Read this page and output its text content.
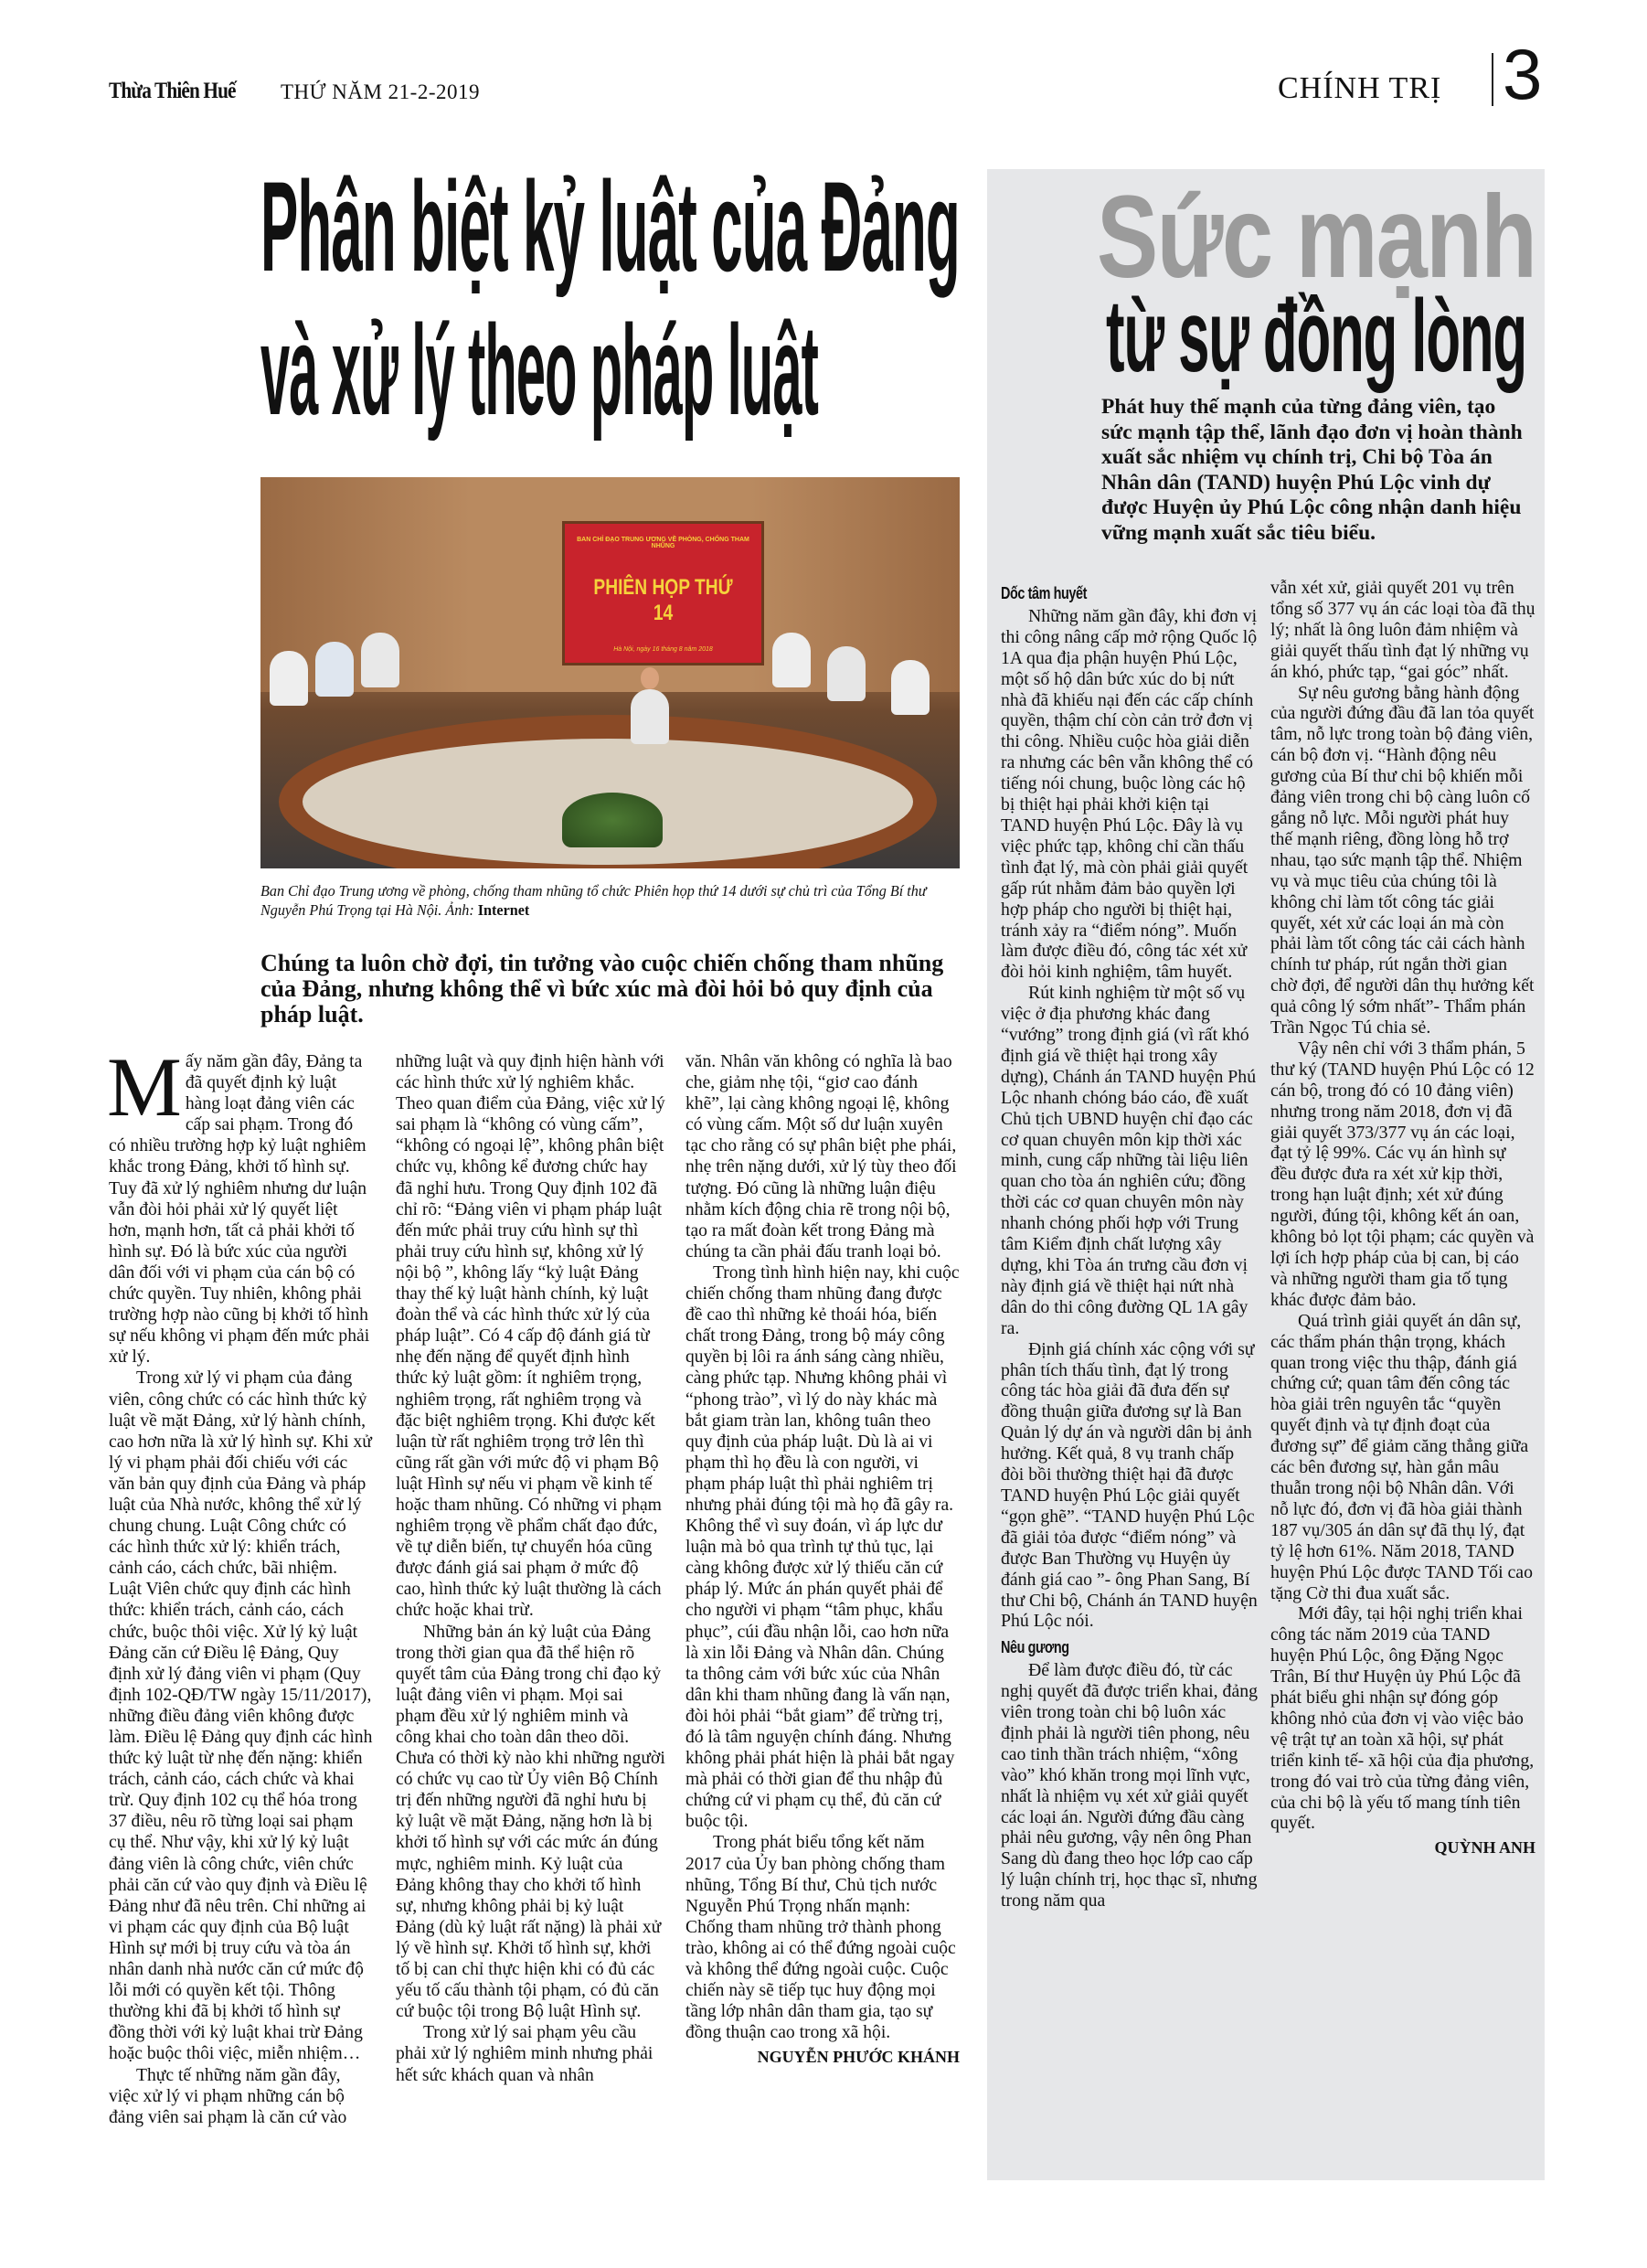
Thừa Thiên Huế THỨ NĂM 21-2-2019	CHÍNH TRỊ 3
Phân biệt kỷ luật của Đảng
và xử lý theo pháp luật
BAN CHỈ ĐẠO TRUNG ƯƠNG VỀ PHÒNG, CHỐNG THAM NHŨNG
PHIÊN HỌP THỨ 14
Hà Nội, ngày 16 tháng 8 năm 2018
Ban Chỉ đạo Trung ương về phòng, chống tham nhũng tổ chức Phiên họp thứ 14 dưới sự chủ trì của Tổng Bí thư Nguyễn Phú Trọng tại Hà Nội. Ảnh: Internet
Chúng ta luôn chờ đợi, tin tưởng vào cuộc chiến chống tham nhũng của Đảng, nhưng không thể vì bức xúc mà đòi hỏi bỏ quy định của pháp luật.

Mấy năm gần đây, Đảng ta đã quyết định kỷ luật hàng loạt đảng viên các cấp sai phạm. Trong đó có nhiều trường hợp kỷ luật nghiêm khắc trong Đảng, khởi tố hình sự. Tuy đã xử lý nghiêm nhưng dư luận vẫn đòi hỏi phải xử lý quyết liệt hơn, mạnh hơn, tất cả phải khởi tố hình sự. Đó là bức xúc của người dân đối với vi phạm của cán bộ có chức quyền. Tuy nhiên, không phải trường hợp nào cũng bị khởi tố hình sự nếu không vi phạm đến mức phải xử lý.

Trong xử lý vi phạm của đảng viên, công chức có các hình thức kỷ luật về mặt Đảng, xử lý hành chính, cao hơn nữa là xử lý hình sự. Khi xử lý vi phạm phải đối chiếu với các văn bản quy định của Đảng và pháp luật của Nhà nước, không thể xử lý chung chung. Luật Công chức có các hình thức xử lý: khiển trách, cảnh cáo, cách chức, bãi nhiệm. Luật Viên chức quy định các hình thức: khiển trách, cảnh cáo, cách chức, buộc thôi việc. Xử lý kỷ luật Đảng căn cứ Điều lệ Đảng, Quy định xử lý đảng viên vi phạm (Quy định 102-QĐ/TW ngày 15/11/2017), những điều đảng viên không được làm. Điều lệ Đảng quy định các hình thức kỷ luật từ nhẹ đến nặng: khiển trách, cảnh cáo, cách chức và khai trừ. Quy định 102 cụ thể hóa trong 37 điều, nêu rõ từng loại sai phạm cụ thể. Như vậy, khi xử lý kỷ luật đảng viên là công chức, viên chức phải căn cứ vào quy định và Điều lệ Đảng như đã nêu trên. Chỉ những ai vi phạm các quy định của Bộ luật Hình sự mới bị truy cứu và tòa án nhân danh nhà nước căn cứ mức độ lỗi mới có quyền kết tội. Thông thường khi đã bị khởi tố hình sự đồng thời với kỷ luật khai trừ Đảng hoặc buộc thôi việc, miễn nhiệm…

Thực tế những năm gần đây, việc xử lý vi phạm những cán bộ đảng viên sai phạm là căn cứ vào

những luật và quy định hiện hành với các hình thức xử lý nghiêm khắc. Theo quan điểm của Đảng, việc xử lý sai phạm là “không có vùng cấm”, “không có ngoại lệ”, không phân biệt chức vụ, không kể đương chức hay đã nghỉ hưu. Trong Quy định 102 đã chỉ rõ: “Đảng viên vi phạm pháp luật đến mức phải truy cứu hình sự thì phải truy cứu hình sự, không xử lý nội bộ ”, không lấy “kỷ luật Đảng thay thế kỷ luật hành chính, kỷ luật đoàn thể và các hình thức xử lý của pháp luật”. Có 4 cấp độ đánh giá từ nhẹ đến nặng để quyết định hình thức kỷ luật gồm: ít nghiêm trọng, nghiêm trọng, rất nghiêm trọng và đặc biệt nghiêm trọng. Khi được kết luận từ rất nghiêm trọng trở lên thì cũng rất gần với mức độ vi phạm Bộ luật Hình sự nếu vi phạm về kinh tế hoặc tham nhũng. Có những vi phạm nghiêm trọng về phẩm chất đạo đức, về tự diễn biến, tự chuyển hóa cũng được đánh giá sai phạm ở mức độ cao, hình thức kỷ luật thường là cách chức hoặc khai trừ.

Những bản án kỷ luật của Đảng trong thời gian qua đã thể hiện rõ quyết tâm của Đảng trong chỉ đạo kỷ luật đảng viên vi phạm. Mọi sai phạm đều xử lý nghiêm minh và công khai cho toàn dân theo dõi. Chưa có thời kỳ nào khi những người có chức vụ cao từ Ủy viên Bộ Chính trị đến những người đã nghỉ hưu bị kỷ luật về mặt Đảng, nặng hơn là bị khởi tố hình sự với các mức án đúng mực, nghiêm minh. Kỷ luật của Đảng không thay cho khởi tố hình sự, nhưng không phải bị kỷ luật Đảng (dù kỷ luật rất nặng) là phải xử lý về hình sự. Khởi tố hình sự, khởi tố bị can chỉ thực hiện khi có đủ các yếu tố cấu thành tội phạm, có đủ căn cứ buộc tội trong Bộ luật Hình sự.

Trong xử lý sai phạm yêu cầu phải xử lý nghiêm minh nhưng phải hết sức khách quan và nhân

văn. Nhân văn không có nghĩa là bao che, giảm nhẹ tội, “giơ cao đánh khẽ”, lại càng không ngoại lệ, không có vùng cấm. Một số dư luận xuyên tạc cho rằng có sự phân biệt phe phái, nhẹ trên nặng dưới, xử lý tùy theo đối tượng. Đó cũng là những luận điệu nhằm kích động chia rẽ trong nội bộ, tạo ra mất đoàn kết trong Đảng mà chúng ta cần phải đấu tranh loại bỏ.

Trong tình hình hiện nay, khi cuộc chiến chống tham nhũng đang được đề cao thì những kẻ thoái hóa, biến chất trong Đảng, trong bộ máy công quyền bị lôi ra ánh sáng càng nhiều, càng phức tạp. Nhưng không phải vì “phong trào”, vì lý do này khác mà bắt giam tràn lan, không tuân theo quy định của pháp luật. Dù là ai vi phạm thì họ đều là con người, vi phạm pháp luật thì phải nghiêm trị nhưng phải đúng tội mà họ đã gây ra. Không thể vì suy đoán, vì áp lực dư luận mà bỏ qua trình tự thủ tục, lại càng không được xử lý thiếu căn cứ pháp lý. Mức án phán quyết phải để cho người vi phạm “tâm phục, khẩu phục”, cúi đầu nhận lỗi, cao hơn nữa là xin lỗi Đảng và Nhân dân. Chúng ta thông cảm với bức xúc của Nhân dân khi tham nhũng đang là vấn nạn, đòi hỏi phải “bắt giam” để trừng trị, đó là tâm nguyện chính đáng. Nhưng không phải phát hiện là phải bắt ngay mà phải có thời gian để thu nhập đủ chứng cứ vi phạm cụ thể, đủ căn cứ buộc tội.

Trong phát biểu tổng kết năm 2017 của Ủy ban phòng chống tham nhũng, Tổng Bí thư, Chủ tịch nước Nguyễn Phú Trọng nhấn mạnh: Chống tham nhũng trở thành phong trào, không ai có thể đứng ngoài cuộc và không thể đứng ngoài cuộc. Cuộc chiến này sẽ tiếp tục huy động mọi tầng lớp nhân dân tham gia, tạo sự đồng thuận cao trong xã hội.

NGUYỄN PHƯỚC KHÁNH
Sức mạnh
từ sự đồng lòng
Phát huy thế mạnh của từng đảng viên, tạo sức mạnh tập thể, lãnh đạo đơn vị hoàn thành xuất sắc nhiệm vụ chính trị, Chi bộ Tòa án Nhân dân (TAND) huyện Phú Lộc vinh dự được Huyện ủy Phú Lộc công nhận danh hiệu vững mạnh xuất sắc tiêu biểu.
Dốc tâm huyết

Những năm gần đây, khi đơn vị thi công nâng cấp mở rộng Quốc lộ 1A qua địa phận huyện Phú Lộc, một số hộ dân bức xúc do bị nứt nhà đã khiếu nại đến các cấp chính quyền, thậm chí còn cản trở đơn vị thi công. Nhiều cuộc hòa giải diễn ra nhưng các bên vẫn không thể có tiếng nói chung, buộc lòng các hộ bị thiệt hại phải khởi kiện tại TAND huyện Phú Lộc. Đây là vụ việc phức tạp, không chỉ cần thấu tình đạt lý, mà còn phải giải quyết gấp rút nhằm đảm bảo quyền lợi hợp pháp cho người bị thiệt hại, tránh xảy ra “điểm nóng”. Muốn làm được điều đó, công tác xét xử đòi hỏi kinh nghiệm, tâm huyết.

Rút kinh nghiệm từ một số vụ việc ở địa phương khác đang “vướng” trong định giá (vì rất khó định giá về thiệt hại trong xây dựng), Chánh án TAND huyện Phú Lộc nhanh chóng báo cáo, đề xuất Chủ tịch UBND huyện chỉ đạo các cơ quan chuyên môn kịp thời xác minh, cung cấp những tài liệu liên quan cho tòa án nghiên cứu; đồng thời các cơ quan chuyên môn này nhanh chóng phối hợp với Trung tâm Kiểm định chất lượng xây dựng, khi Tòa án trưng cầu đơn vị này định giá về thiệt hại nứt nhà dân do thi công đường QL 1A gây ra.

Định giá chính xác cộng với sự phân tích thấu tình, đạt lý trong công tác hòa giải đã đưa đến sự đồng thuận giữa đương sự là Ban Quản lý dự án và người dân bị ảnh hưởng. Kết quả, 8 vụ tranh chấp đòi bồi thường thiệt hại đã được TAND huyện Phú Lộc giải quyết “gọn ghẽ”. “TAND huyện Phú Lộc đã giải tỏa được “điểm nóng” và được Ban Thường vụ Huyện ủy đánh giá cao ”- ông Phan Sang, Bí thư Chi bộ, Chánh án TAND huyện Phú Lộc nói.

Nêu gương

Để làm được điều đó, từ các nghị quyết đã được triển khai, đảng viên trong toàn chi bộ luôn xác định phải là người tiên phong, nêu cao tinh thần trách nhiệm, “xông vào” khó khăn trong mọi lĩnh vực, nhất là nhiệm vụ xét xử giải quyết các loại án. Người đứng đầu càng phải nêu gương, vậy nên ông Phan Sang dù đang theo học lớp cao cấp lý luận chính trị, học thạc sĩ, nhưng trong năm qua

vẫn xét xử, giải quyết 201 vụ trên tổng số 377 vụ án các loại tòa đã thụ lý; nhất là ông luôn đảm nhiệm và giải quyết thấu tình đạt lý những vụ án khó, phức tạp, “gai góc” nhất.

Sự nêu gương bằng hành động của người đứng đầu đã lan tỏa quyết tâm, nỗ lực trong toàn bộ đảng viên, cán bộ đơn vị. “Hành động nêu gương của Bí thư chi bộ khiến mỗi đảng viên trong chi bộ càng luôn cố gắng nỗ lực. Mỗi người phát huy thế mạnh riêng, đồng lòng hỗ trợ nhau, tạo sức mạnh tập thể. Nhiệm vụ và mục tiêu của chúng tôi là không chỉ làm tốt công tác giải quyết, xét xử các loại án mà còn phải làm tốt công tác cải cách hành chính tư pháp, rút ngắn thời gian chờ đợi, để người dân thụ hưởng kết quả công lý sớm nhất”- Thẩm phán Trần Ngọc Tú chia sẻ.

Vậy nên chỉ với 3 thẩm phán, 5 thư ký (TAND huyện Phú Lộc có 12 cán bộ, trong đó có 10 đảng viên) nhưng trong năm 2018, đơn vị đã giải quyết 373/377 vụ án các loại, đạt tỷ lệ 99%. Các vụ án hình sự đều được đưa ra xét xử kịp thời, trong hạn luật định; xét xử đúng người, đúng tội, không kết án oan, không bỏ lọt tội phạm; các quyền và lợi ích hợp pháp của bị can, bị cáo và những người tham gia tố tụng khác được đảm bảo.

Quá trình giải quyết án dân sự, các thẩm phán thận trọng, khách quan trong việc thu thập, đánh giá chứng cứ; quan tâm đến công tác hòa giải trên nguyên tắc “quyền quyết định và tự định đoạt của đương sự” để giảm căng thẳng giữa các bên đương sự, hàn gắn mâu thuẫn trong nội bộ Nhân dân. Với nỗ lực đó, đơn vị đã hòa giải thành 187 vụ/305 án dân sự đã thụ lý, đạt tỷ lệ hơn 61%. Năm 2018, TAND huyện Phú Lộc được TAND Tối cao tặng Cờ thi đua xuất sắc.

Mới đây, tại hội nghị triển khai công tác năm 2019 của TAND huyện Phú Lộc, ông Đặng Ngọc Trân, Bí thư Huyện ủy Phú Lộc đã phát biểu ghi nhận sự đóng góp không nhỏ của đơn vị vào việc bảo vệ trật tự an toàn xã hội, sự phát triển kinh tế- xã hội của địa phương, trong đó vai trò của từng đảng viên, của chi bộ là yếu tố mang tính tiên quyết.

QUỲNH ANH
